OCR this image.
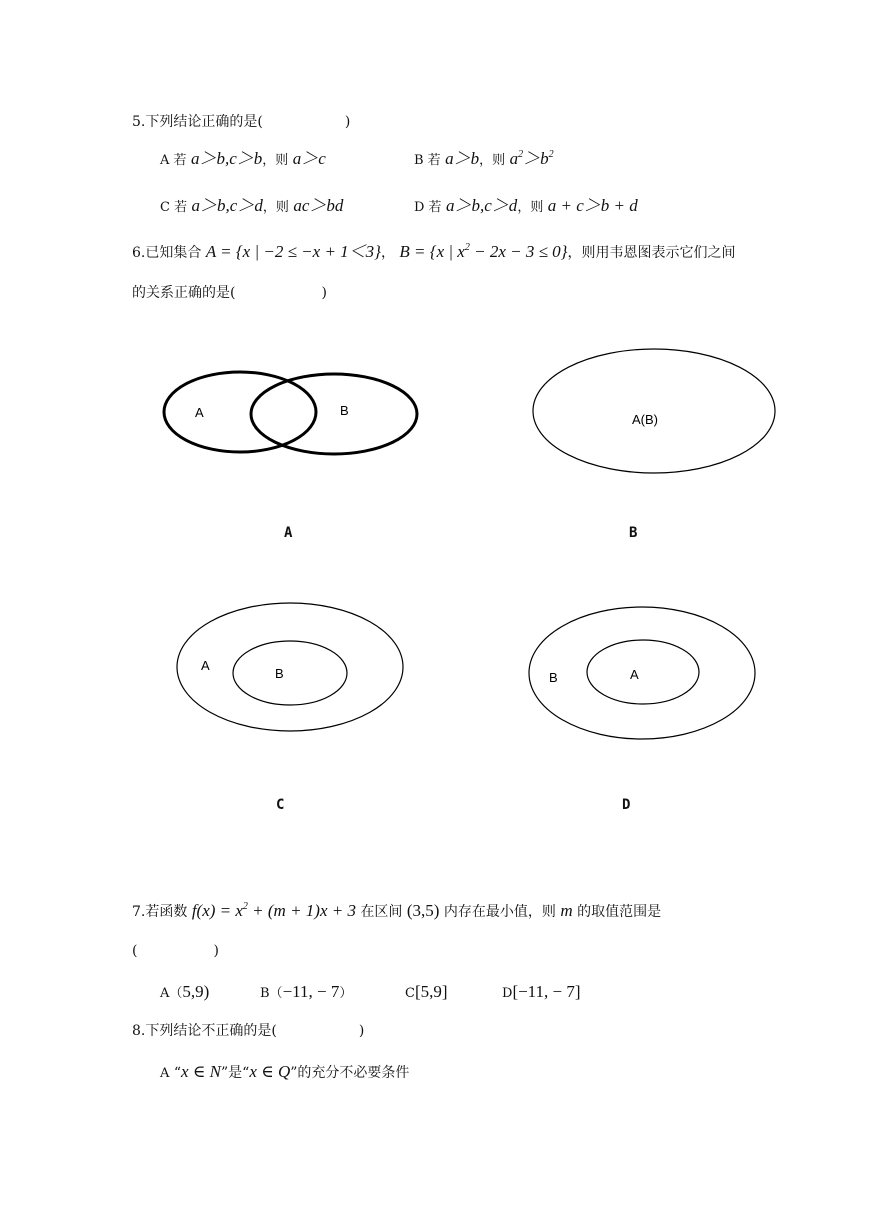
5.下列结论正确的是(	)
A 若 a＞b,c＞b，则 a＞c	B 若 a＞b，则 $a^2>b^2$
C 若 a＞b,c＞d，则 ac＞bd	D 若 a＞b,c＞d，则 a + c＞b + d
6.已知集合 A = {x | −2 ≤ −x + 1＜3}， B = {x | $x^2 - 2x - 3 \le 0$}，则用韦恩图表示它们之间
的关系正确的是(	)
A	B
A(B)
A
B	B	A
A	B
C	D
7.若函数 $f(x) = x^2 + (m + 1)x + 3$ 在区间 (3,5) 内存在最小值，则 m 的取值范围是
(	)
A（5,9)	B（−11, − 7）	C[5,9]	D[−11, − 7]
8.下列结论不正确的是(	)
A “x ∈ N”是“x ∈ Q”的充分不必要条件
